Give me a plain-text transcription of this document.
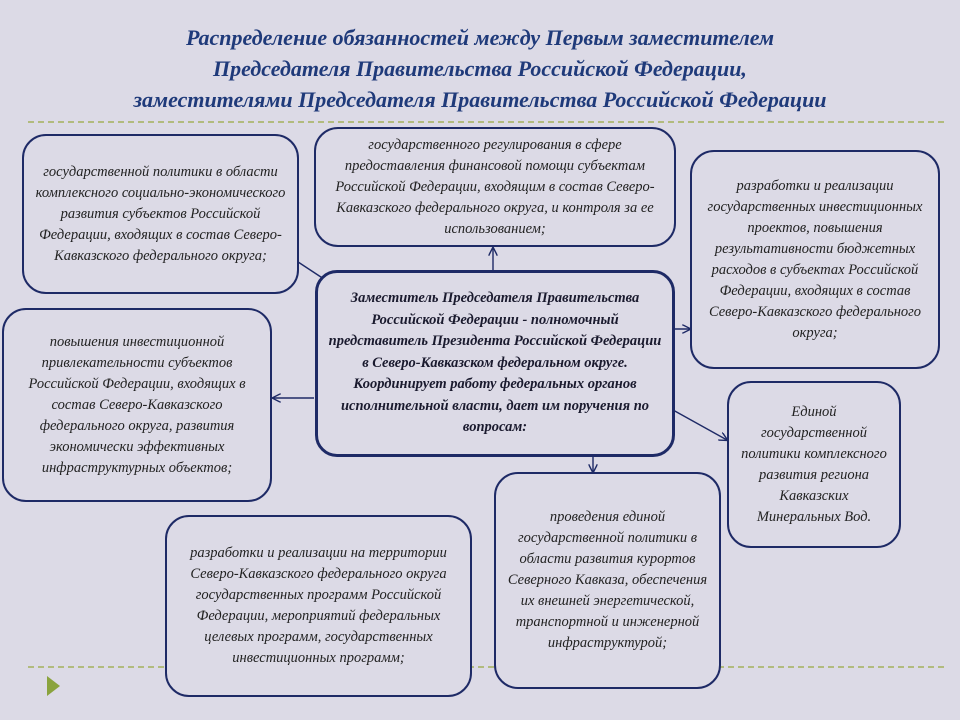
Распределение обязанностей между Первым заместителем
Председателя Правительства Российской Федерации,
заместителями Председателя Правительства Российской Федерации
государственной политики в области комплексного социально-экономического развития субъектов Российской Федерации, входящих в состав Северо-Кавказского федерального округа;
государственного регулирования в сфере предоставления финансовой помощи субъектам Российской Федерации, входящим в состав Северо-Кавказского федерального округа, и контроля за ее использованием;
разработки и реализации государственных инвестиционных проектов, повышения результативности бюджетных расходов в субъектах Российской Федерации, входящих в состав Северо-Кавказского федерального округа;
Заместитель Председателя Правительства Российской Федерации - полномочный представитель Президента Российской Федерации в Северо-Кавказском федеральном округе. Координирует работу федеральных органов исполнительной власти, дает им поручения по вопросам:
повышения инвестиционной привлекательности субъектов Российской Федерации, входящих в состав Северо-Кавказского федерального округа, развития экономически эффективных инфраструктурных объектов;
Единой государственной политики комплексного развития региона Кавказских Минеральных Вод.
проведения единой государственной политики в области развития курортов Северного Кавказа, обеспечения их внешней энергетической, транспортной и инженерной инфраструктурой;
разработки и реализации на территории Северо-Кавказского федерального округа государственных программ Российской Федерации, мероприятий федеральных целевых программ, государственных инвестиционных программ;
